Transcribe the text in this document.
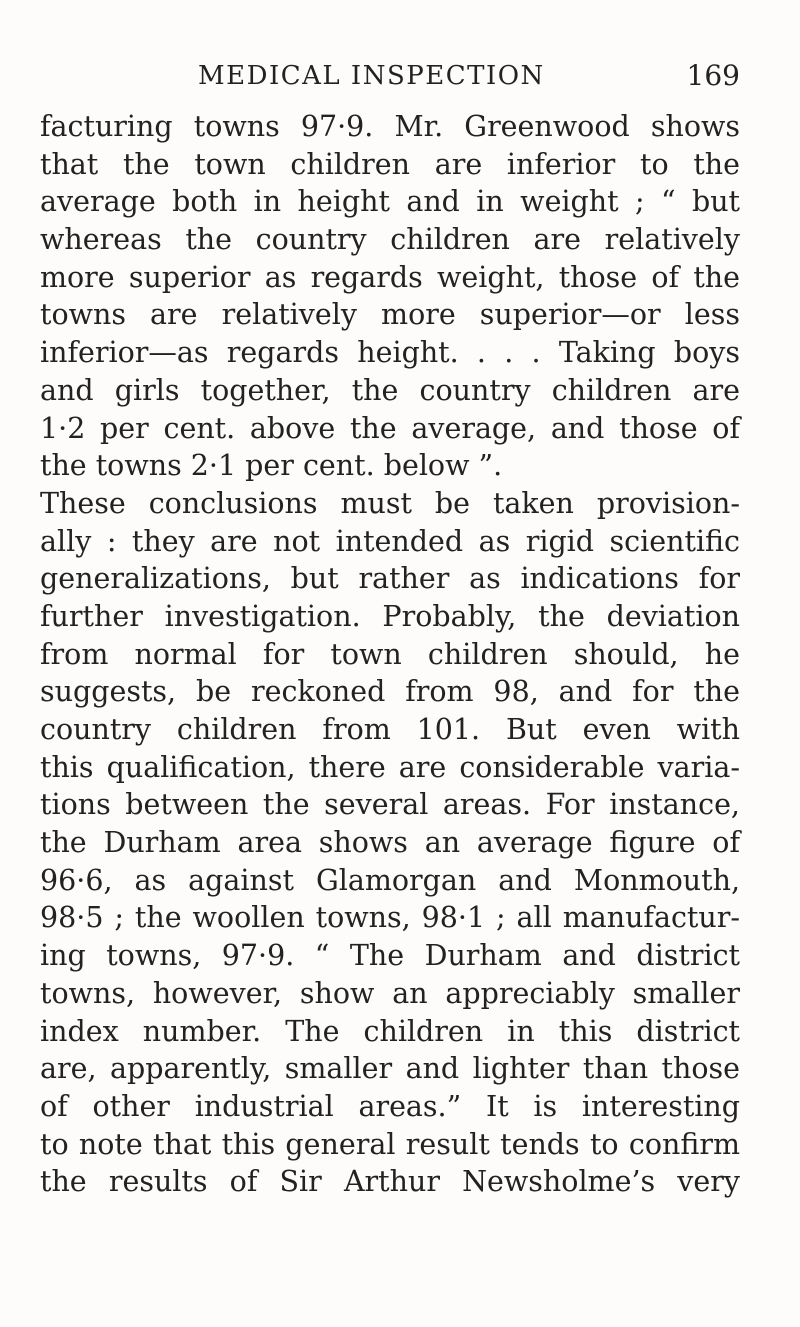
MEDICAL INSPECTION	169
facturing towns 97·9. Mr. Greenwood shows
that the town children are inferior to the
average both in height and in weight ; “ but
whereas the country children are relatively
more superior as regards weight, those of the
towns are relatively more superior—or less
inferior—as regards height. . . . Taking boys
and girls together, the country children are
1·2 per cent. above the average, and those of
the towns 2·1 per cent. below ”.
These conclusions must be taken provision-
ally : they are not intended as rigid scientific
generalizations, but rather as indications for
further investigation. Probably, the deviation
from normal for town children should, he
suggests, be reckoned from 98, and for the
country children from 101. But even with
this qualification, there are considerable varia-
tions between the several areas. For instance,
the Durham area shows an average figure of
96·6, as against Glamorgan and Monmouth,
98·5 ; the woollen towns, 98·1 ; all manufactur-
ing towns, 97·9. “ The Durham and district
towns, however, show an appreciably smaller
index number. The children in this district
are, apparently, smaller and lighter than those
of other industrial areas.” It is interesting
to note that this general result tends to confirm
the results of Sir Arthur Newsholme’s very
